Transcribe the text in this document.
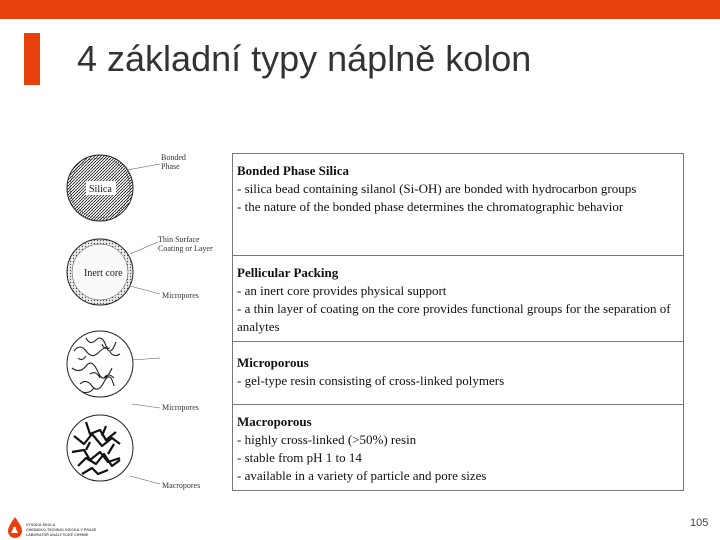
4 základní typy náplně kolon
Silica
Bonded
Phase
Inert core
Thin Surface
Coating or Layer
Micropores
Micropores
Macropores
Bonded Phase Silica
- silica bead containing silanol (Si-OH) are bonded with hydrocarbon groups
- the nature of the bonded phase determines the chromatographic behavior

Pellicular Packing
- an inert core provides physical support
- a thin layer of coating on the core provides functional groups for the separation of analytes

Microporous
- gel-type resin consisting of cross-linked polymers

Macroporous
- highly cross-linked (>50%) resin
- stable from pH 1 to 14
- available in a variety of particle and pore sizes
VYSOKÁ ŠKOLA
CHEMICKO-TECHNOLOGICKÁ V PRAZE
LABORATOŘ ANALYTICKÉ CHEMIE
105
